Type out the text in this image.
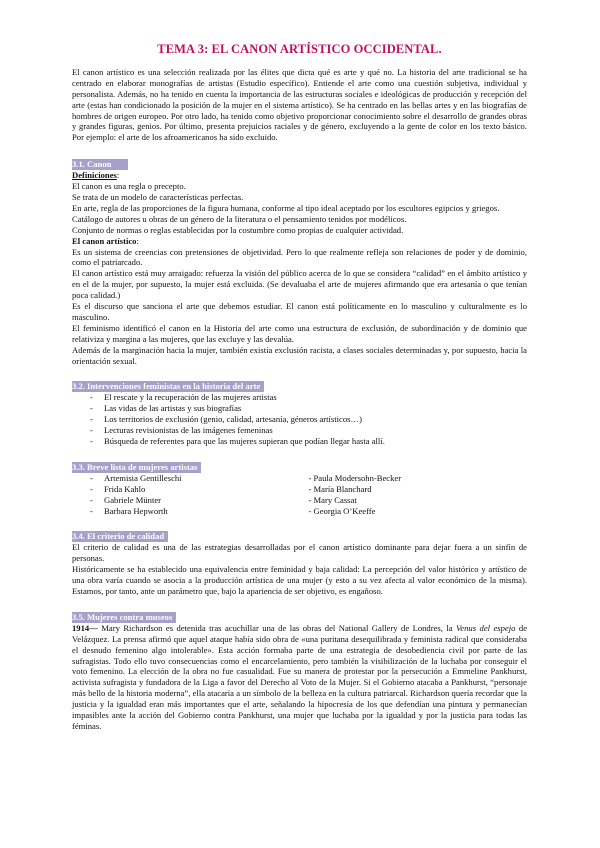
TEMA 3: EL CANON ARTÍSTICO OCCIDENTAL.

El canon artístico es una selección realizada por las élites que dicta qué es arte y qué no. La historia del arte tradicional se ha centrado en elaborar monografías de artistas (Estudio específico). Entiende el arte como una cuestión subjetiva, individual y personalista. Además, no ha tenido en cuenta la importancia de las estructuras sociales e ideológicas de producción y recepción del arte (estas han condicionado la posición de la mujer en el sistema artístico). Se ha centrado en las bellas artes y en las biografías de hombres de origen europeo. Por otro lado, ha tenido como objetivo proporcionar conocimiento sobre el desarrollo de grandes obras y grandes figuras, genios. Por último, presenta prejuicios raciales y de género, excluyendo a la gente de color en los texto básico. Por ejemplo: el arte de los afroamericanos ha sido excluido.

3.1. Canon

Definiciones:

El canon es una regla o precepto.

Se trata de un modelo de características perfectas.

En arte, regla de las proporciones de la figura humana, conforme al tipo ideal aceptado por los escultores egipcios y griegos.

Catálogo de autores u obras de un género de la literatura o el pensamiento tenidos por modélicos.

Conjunto de normas o reglas establecidas por la costumbre como propias de cualquier actividad.

El canon artístico:

Es un sistema de creencias con pretensiones de objetividad. Pero lo que realmente refleja son relaciones de poder y de dominio, como el patriarcado.

El canon artístico está muy arraigado: refuerza la visión del público acerca de lo que se considera “calidad” en el ámbito artístico y en el de la mujer, por supuesto, la mujer está excluida. (Se devaluaba el arte de mujeres afirmando que era artesanía o que tenían poca calidad.)

Es el discurso que sanciona el arte que debemos estudiar. El canon está políticamente en lo masculino y culturalmente es lo masculino.

El feminismo identificó el canon en la Historia del arte como una estructura de exclusión, de subordinación y de dominio que relativiza y margina a las mujeres, que las excluye y las devalúa.

Además de la marginación hacia la mujer, también existía exclusión racista, a clases sociales determinadas y, por supuesto, hacia la orientación sexual.

3.2. Intervenciones feministas en la historia del arte
- El rescate y la recuperación de las mujeres artistas
- Las vidas de las artistas y sus biografías
- Los territorios de exclusión (genio, calidad, artesanía, géneros artísticos…)
- Lecturas revisionistas de las imágenes femeninas
- Búsqueda de referentes para que las mujeres supieran que podían llegar hasta allí.
3.3. Breve lista de mujeres artistas
- Artemisia Gentilleschi
- Frida Kahlo
- Gabriele Münter
- Barbara Hepworth
- Paula Modersohn-Becker
- María Blanchard
- Mary Cassat
- Georgia O’Keeffe
3.4. El criterio de calidad

El criterio de calidad es una de las estrategias desarrolladas por el canon artístico dominante para dejar fuera a un sinfín de personas.

Históricamente se ha establecido una equivalencia entre feminidad y baja calidad: La percepción del valor histórico y artístico de una obra varía cuando se asocia a la producción artística de una mujer (y esto a su vez afecta al valor económico de la misma). Estamos, por tanto, ante un parámetro que, bajo la apariencia de ser objetivo, es engañoso.

3.5. Mujeres contra museos

1914— Mary Richardson es detenida tras acuchillar una de las obras del National Gallery de Londres, la Venus del espejo de Velázquez. La prensa afirmó que aquel ataque había sido obra de «una puritana desequilibrada y feminista radical que consideraba el desnudo femenino algo intolerable». Esta acción formaba parte de una estrategia de desobediencia civil por parte de las sufragistas. Todo ello tuvo consecuencias como el encarcelamiento, pero también la visibilización de la luchaba por conseguir el voto femenino. La elección de la obra no fue casualidad. Fue su manera de protestar por la persecución a Emmeline Pankhurst, activista sufragista y fundadora de la Liga a favor del Derecho al Voto de la Mujer. Si el Gobierno atacaba a Pankhurst, “personaje más bello de la historia moderna”, ella atacaría a un símbolo de la belleza en la cultura patriarcal. Richardson quería recordar que la justicia y la igualdad eran más importantes que el arte, señalando la hipocresía de los que defendían una pintura y permanecían impasibles ante la acción del Gobierno contra Pankhurst, una mujer que luchaba por la igualdad y por la justicia para todas las féminas.
